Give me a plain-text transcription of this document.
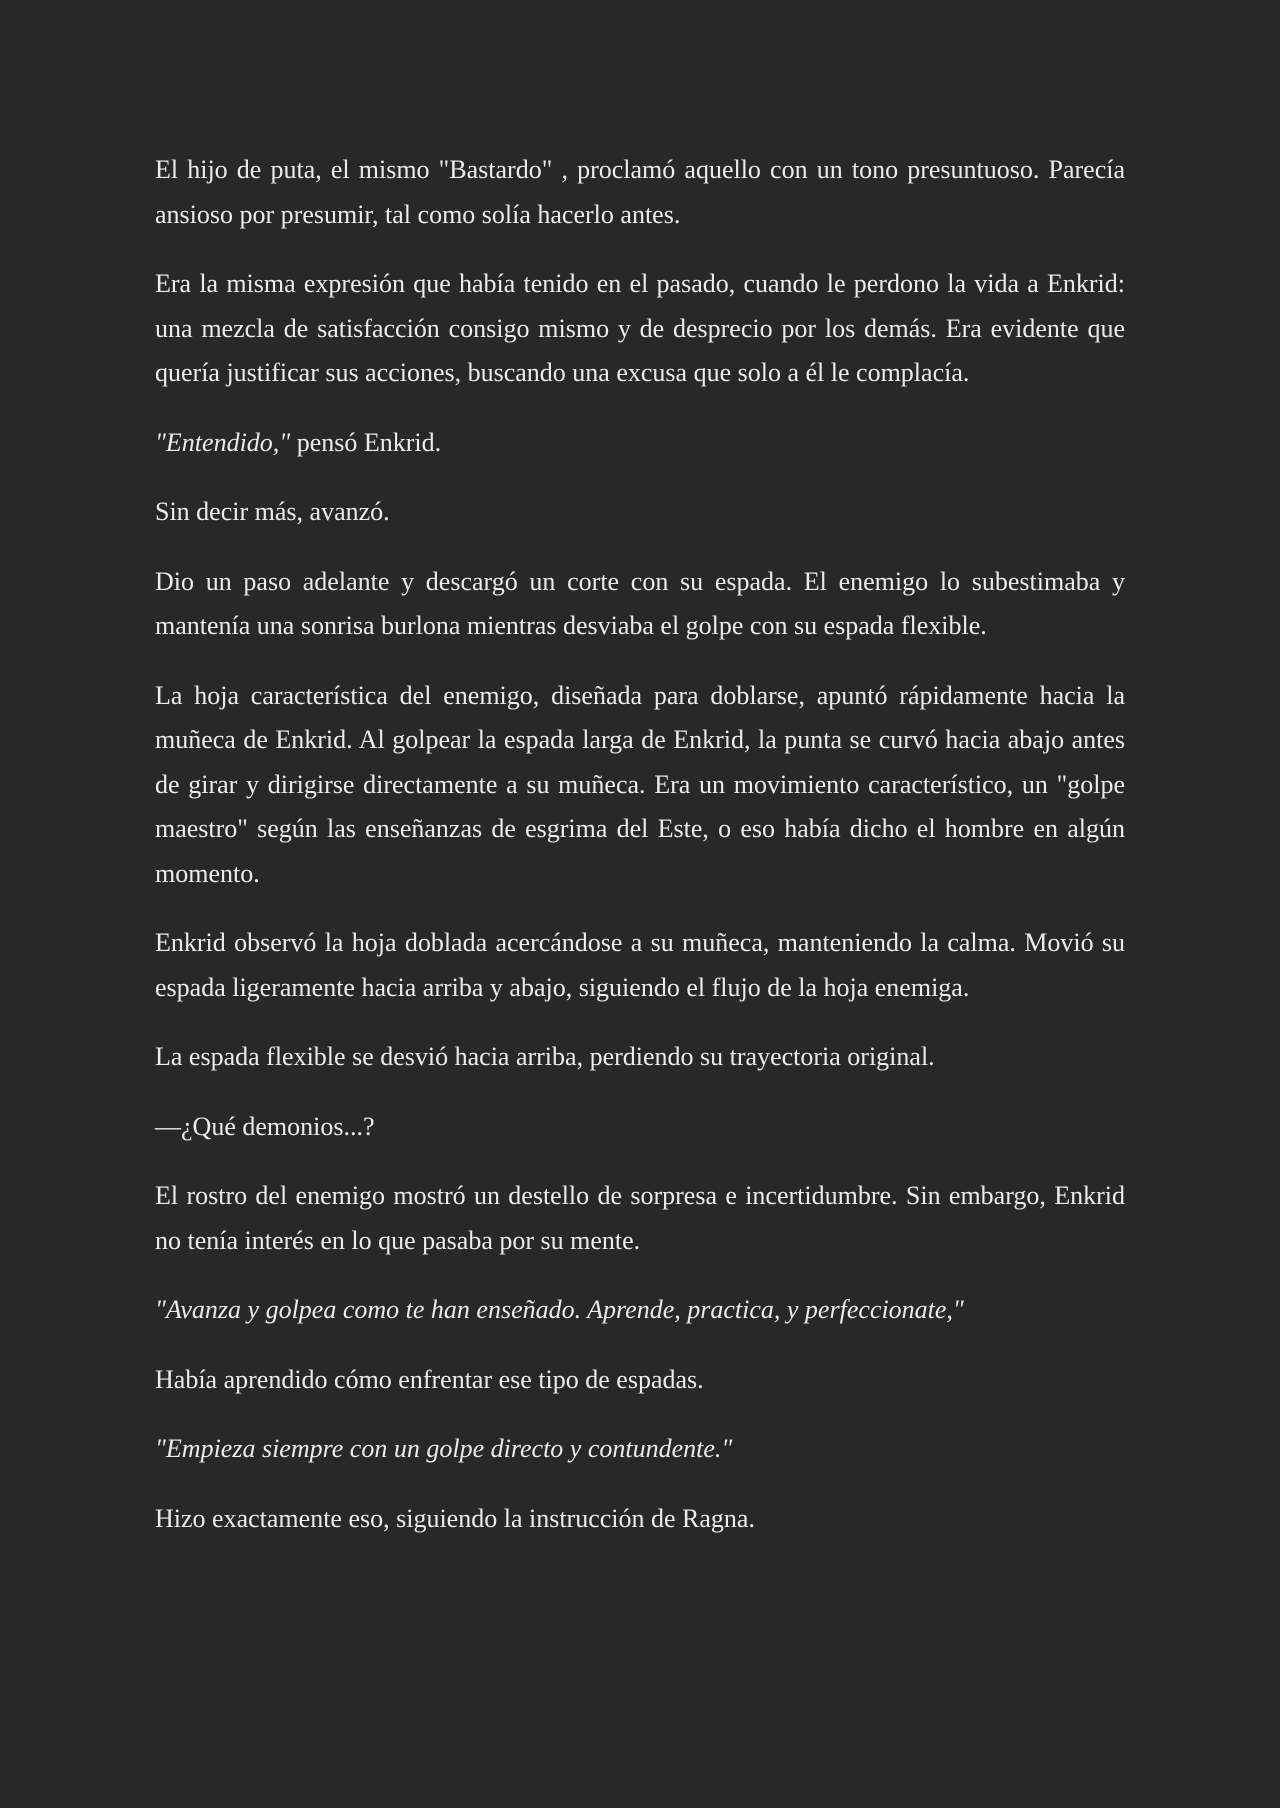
El hijo de puta, el mismo "Bastardo" , proclamó aquello con un tono presuntuoso. Parecía ansioso por presumir, tal como solía hacerlo antes.

Era la misma expresión que había tenido en el pasado, cuando le perdono la vida a Enkrid: una mezcla de satisfacción consigo mismo y de desprecio por los demás. Era evidente que quería justificar sus acciones, buscando una excusa que solo a él le complacía.

"Entendido," pensó Enkrid.

Sin decir más, avanzó.

Dio un paso adelante y descargó un corte con su espada. El enemigo lo subestimaba y mantenía una sonrisa burlona mientras desviaba el golpe con su espada flexible.

La hoja característica del enemigo, diseñada para doblarse, apuntó rápidamente hacia la muñeca de Enkrid. Al golpear la espada larga de Enkrid, la punta se curvó hacia abajo antes de girar y dirigirse directamente a su muñeca. Era un movimiento característico, un "golpe maestro" según las enseñanzas de esgrima del Este, o eso había dicho el hombre en algún momento.

Enkrid observó la hoja doblada acercándose a su muñeca, manteniendo la calma. Movió su espada ligeramente hacia arriba y abajo, siguiendo el flujo de la hoja enemiga.

La espada flexible se desvió hacia arriba, perdiendo su trayectoria original.

—¿Qué demonios...?

El rostro del enemigo mostró un destello de sorpresa e incertidumbre. Sin embargo, Enkrid no tenía interés en lo que pasaba por su mente.

"Avanza y golpea como te han enseñado. Aprende, practica, y perfeccionate,"

Había aprendido cómo enfrentar ese tipo de espadas.

"Empieza siempre con un golpe directo y contundente."

Hizo exactamente eso, siguiendo la instrucción de Ragna.
